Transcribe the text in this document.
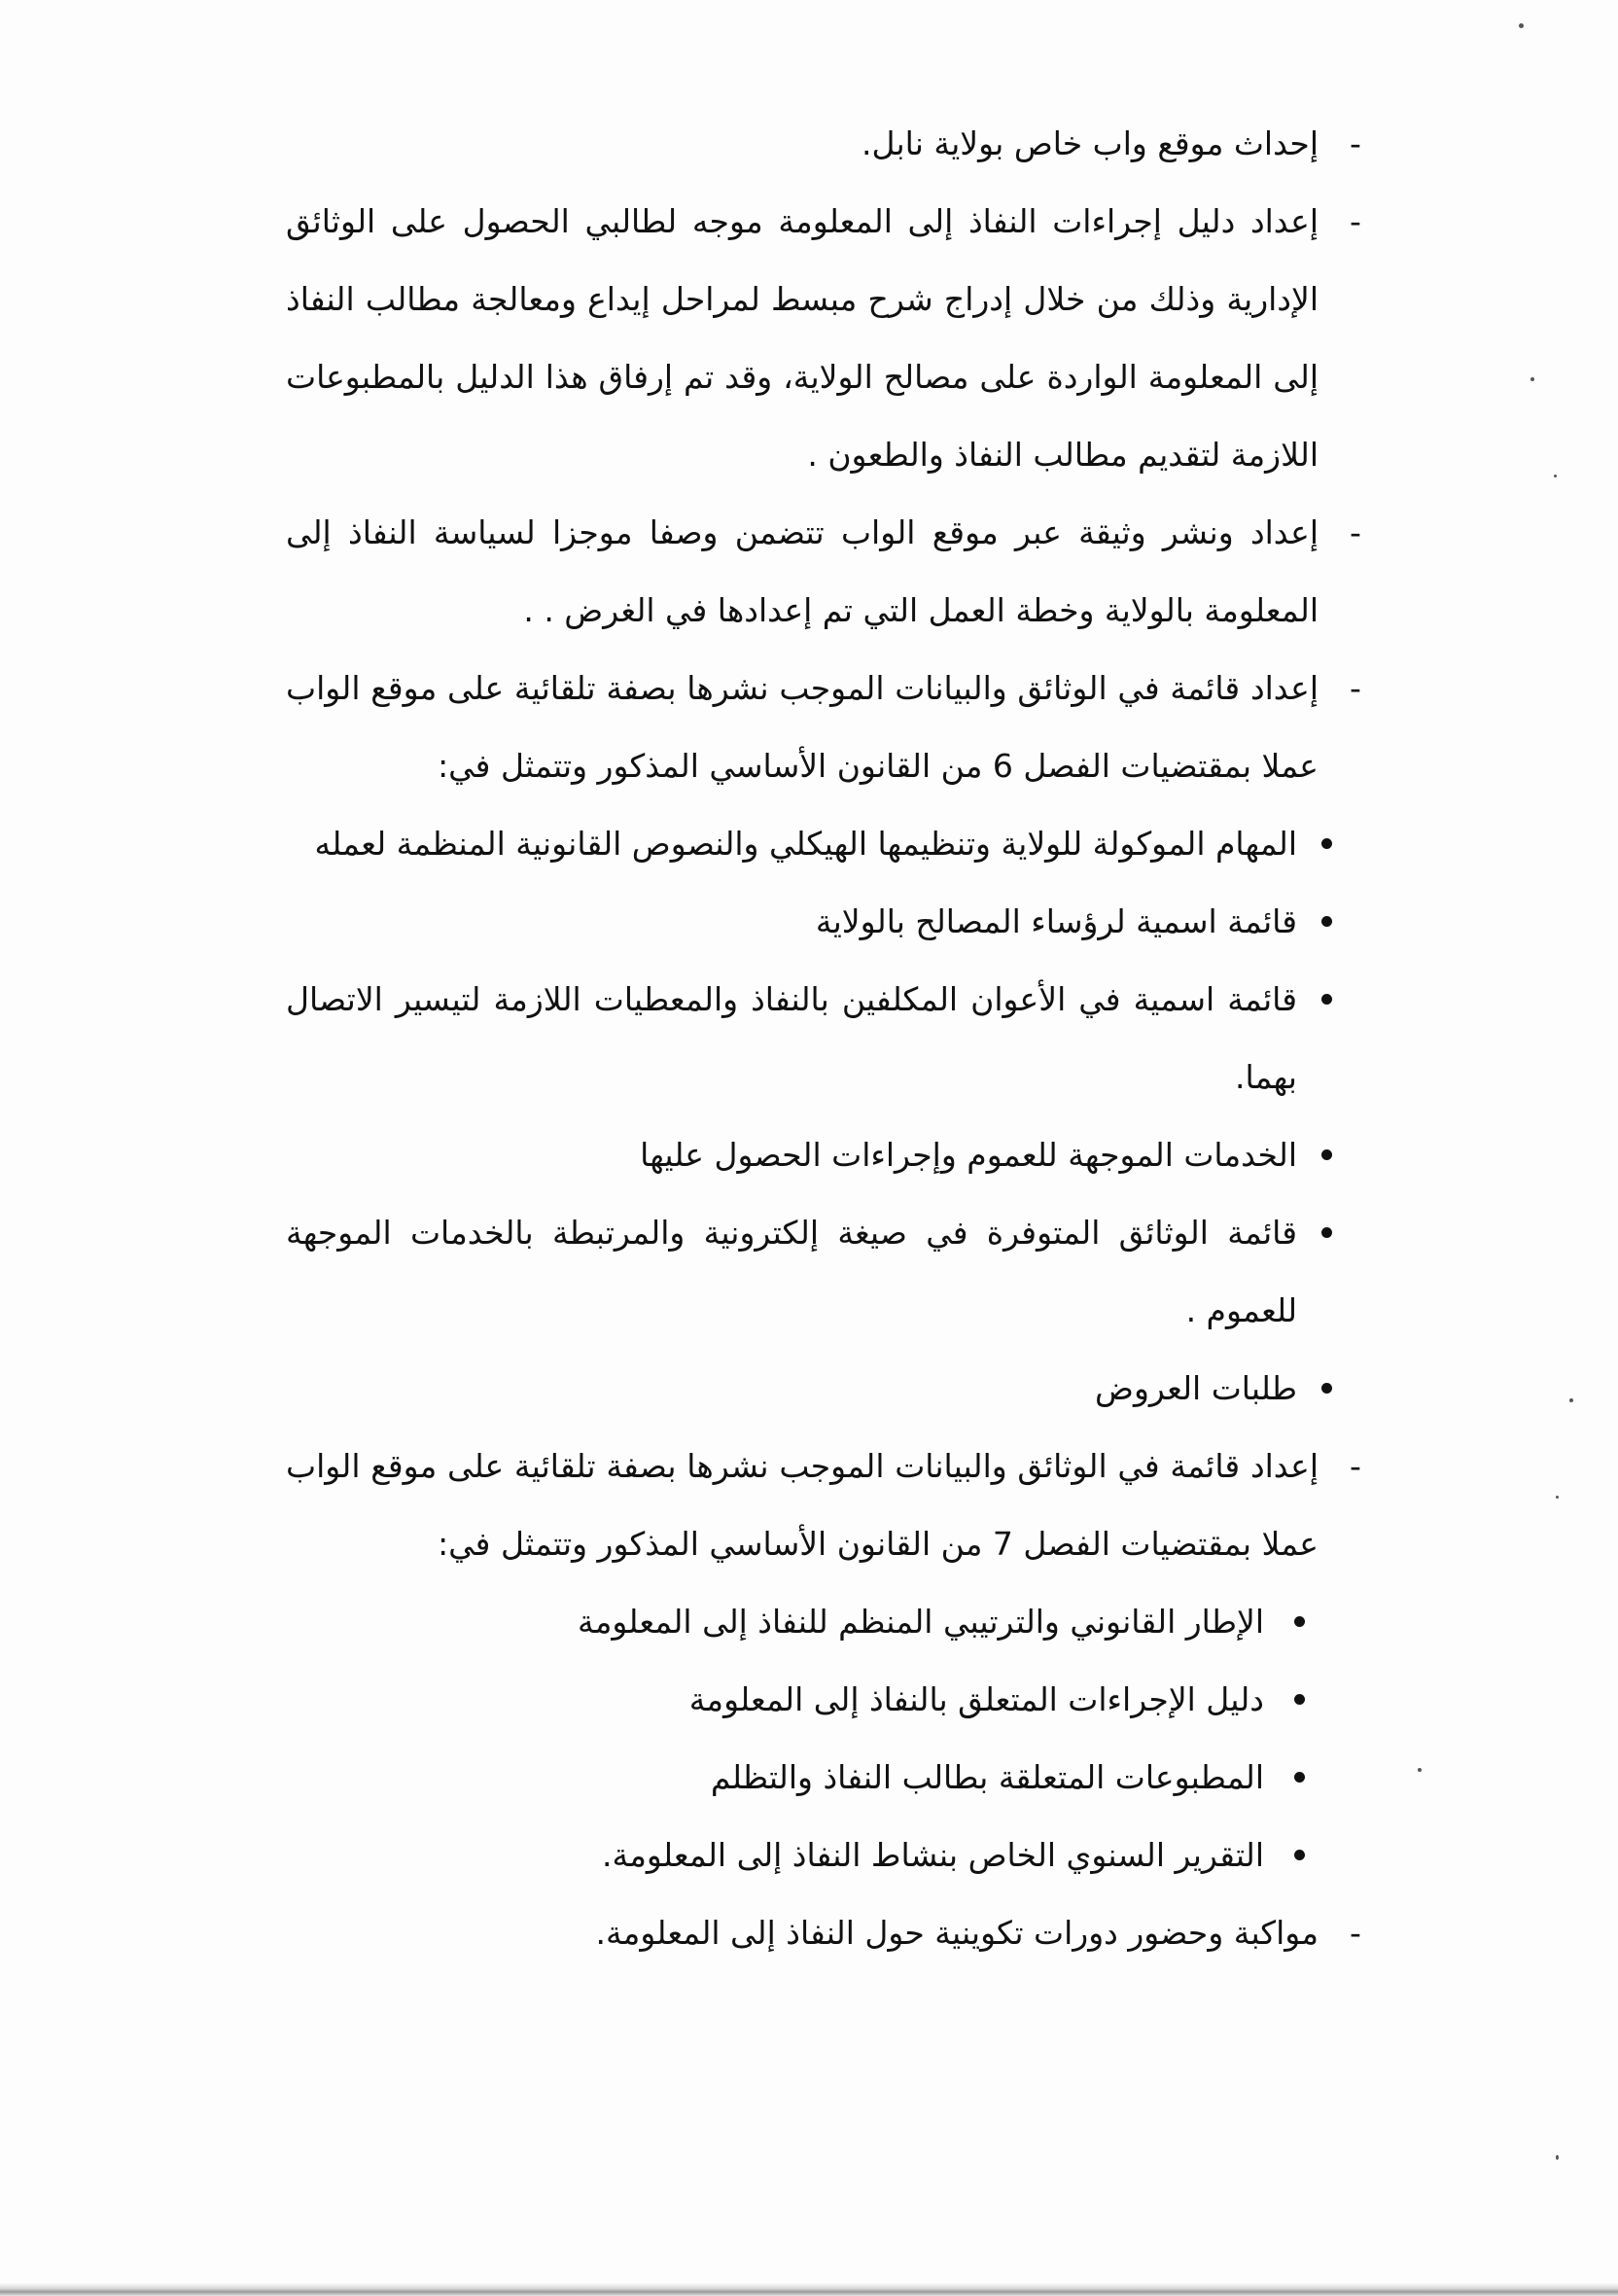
-
إحداث موقع واب خاص بولاية نابل.

-
إعداد دليل إجراءات النفاذ إلى المعلومة موجه لطالبي الحصول على الوثائق الإدارية وذلك من خلال إدراج شرح مبسط لمراحل إيداع ومعالجة مطالب النفاذ إلى المعلومة الواردة على مصالح الولاية، وقد تم إرفاق هذا الدليل بالمطبوعات اللازمة لتقديم مطالب النفاذ والطعون .

-
إعداد ونشر وثيقة عبر موقع الواب تتضمن وصفا موجزا لسياسة النفاذ إلى المعلومة بالولاية وخطة العمل التي تم إعدادها في الغرض . .

-
إعداد قائمة في الوثائق والبيانات الموجب نشرها بصفة تلقائية على موقع الواب عملا بمقتضيات الفصل 6 من القانون الأساسي المذكور وتتمثل في:
المهام الموكولة للولاية وتنظيمها الهيكلي والنصوص القانونية المنظمة لعمله
قائمة اسمية لرؤساء المصالح بالولاية
قائمة اسمية في الأعوان المكلفين بالنفاذ والمعطيات اللازمة لتيسير الاتصال بهما.
الخدمات الموجهة للعموم وإجراءات الحصول عليها
قائمة الوثائق المتوفرة في صيغة إلكترونية والمرتبطة بالخدمات الموجهة للعموم .
طلبات العروض
-
إعداد قائمة في الوثائق والبيانات الموجب نشرها بصفة تلقائية على موقع الواب عملا بمقتضيات الفصل 7 من القانون الأساسي المذكور وتتمثل في:
الإطار القانوني والترتيبي المنظم للنفاذ إلى المعلومة
دليل الإجراءات المتعلق بالنفاذ إلى المعلومة
المطبوعات المتعلقة بطالب النفاذ والتظلم
التقرير السنوي الخاص بنشاط النفاذ إلى المعلومة.

-
مواكبة وحضور دورات تكوينية حول النفاذ إلى المعلومة.
